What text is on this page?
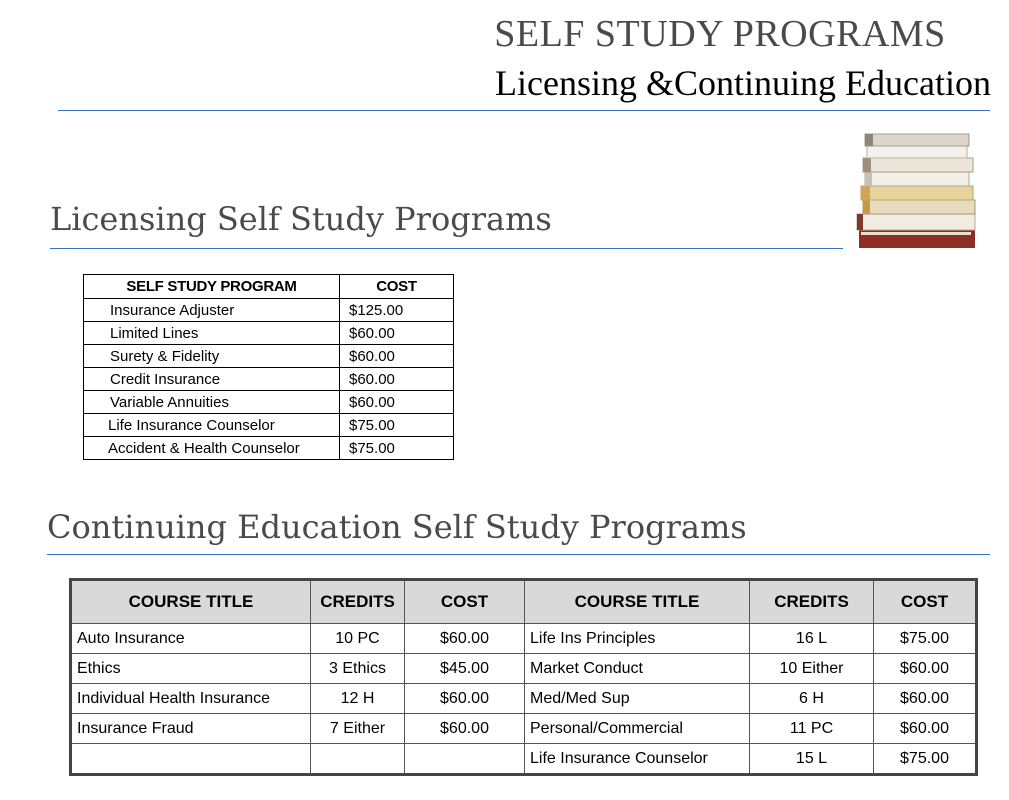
SELF STUDY PROGRAMS
Licensing &Continuing Education
Licensing Self Study Programs
SELF STUDY PROGRAM	COST
Insurance Adjuster	$125.00
Limited Lines	$60.00
Surety & Fidelity	$60.00
Credit Insurance	$60.00
Variable Annuities	$60.00
Life Insurance Counselor	$75.00
Accident & Health Counselor	$75.00
Continuing Education Self Study Programs
COURSE TITLE	CREDITS	COST	COURSE TITLE	CREDITS	COST
Auto Insurance	10 PC	$60.00	Life Ins Principles	16 L	$75.00
Ethics	3 Ethics	$45.00	Market Conduct	10 Either	$60.00
Individual Health Insurance	12 H	$60.00	Med/Med Sup	6 H	$60.00
Insurance Fraud	7 Either	$60.00	Personal/Commercial	11 PC	$60.00
			Life Insurance Counselor	15 L	$75.00
